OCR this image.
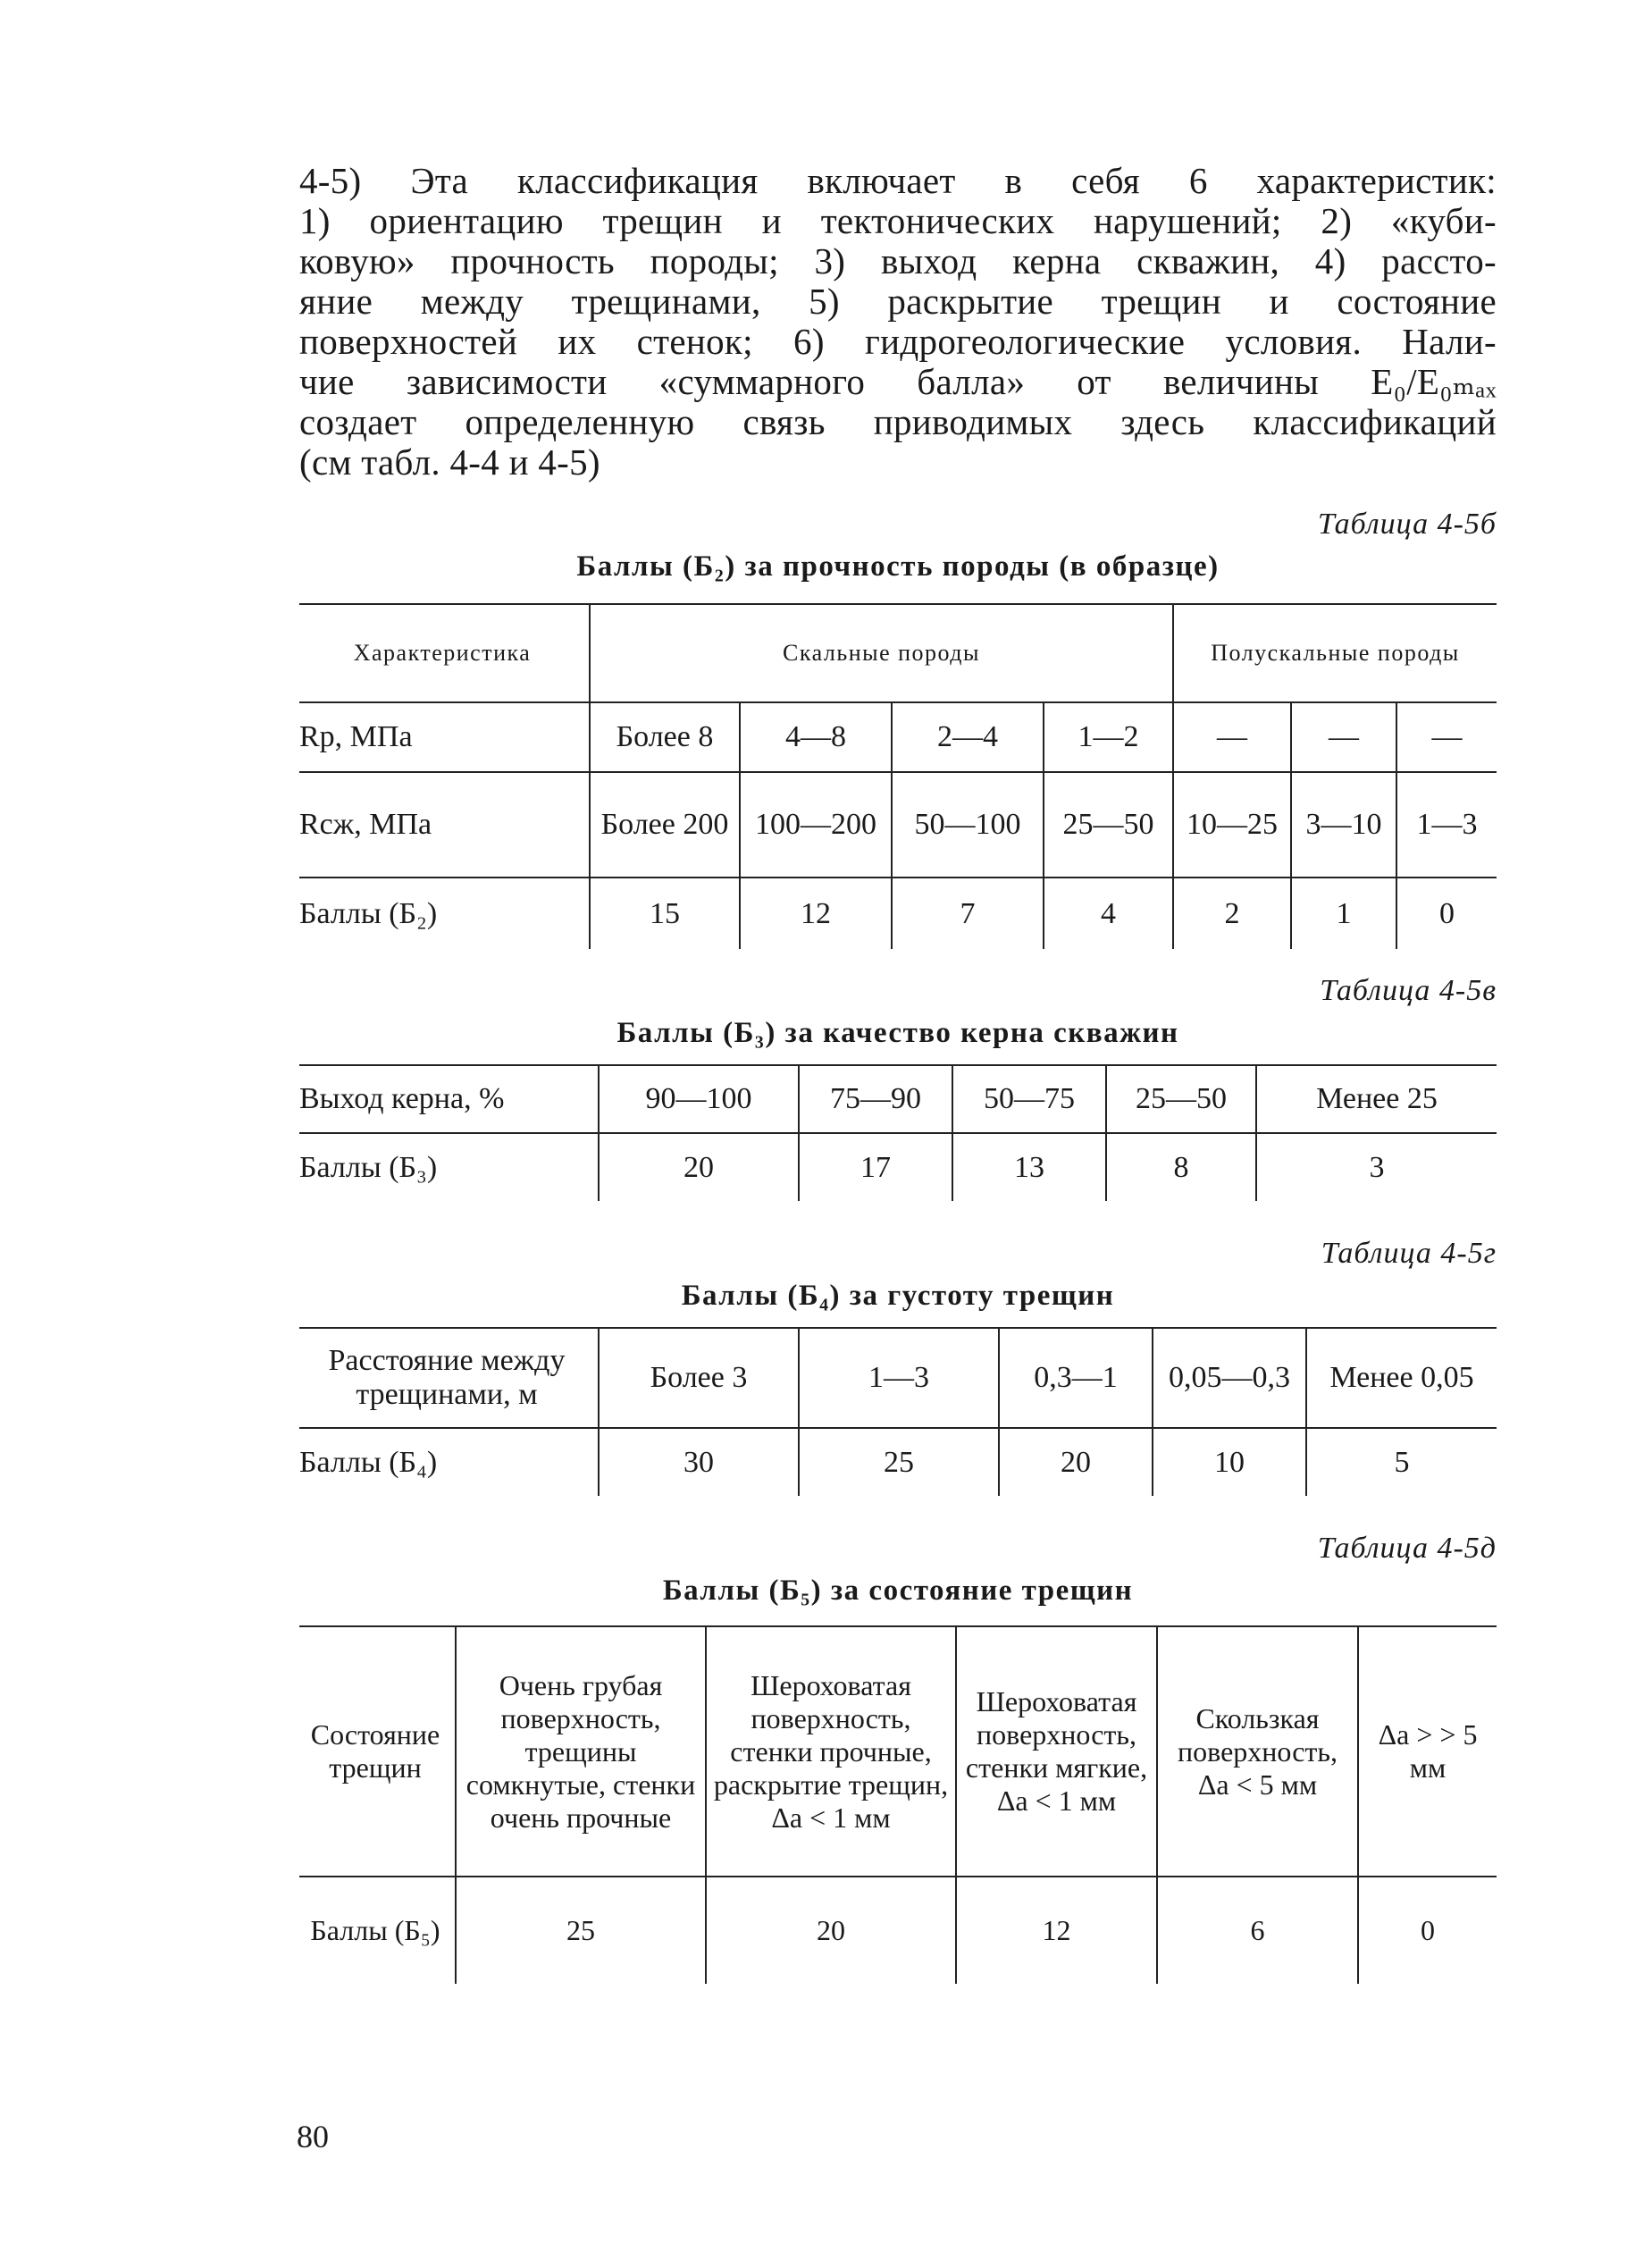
4-5) Эта классификация включает в себя 6 характеристик:
1) ориентацию трещин и тектонических нарушений; 2) «куби-
ковую» прочность породы; 3) выход керна скважин, 4) рассто-
яние между трещинами, 5) раскрытие трещин и состояние
поверхностей их стенок; 6) гидрогеологические условия. Нали-
чие зависимости «суммарного балла» от величины E₀/E₀ₘₐₓ
создает определенную связь приводимых здесь классификаций
(см табл. 4-4 и 4-5)

Таблица 4-5б

Баллы (Б₂) за прочность породы (в образце)

Характеристика	Скальные породы				Полускальные породы		
Rр, МПа	Более 8	4—8	2—4	1—2	—	—	—
Rсж, МПа	Более 200	100—200	50—100	25—50	10—25	3—10	1—3
Баллы (Б₂)	15	12	7	4	2	1	0

Таблица 4-5в

Баллы (Б₃) за качество керна скважин

Выход керна, %	90—100	75—90	50—75	25—50	Менее 25
Баллы (Б₃)	20	17	13	8	3

Таблица 4-5г

Баллы (Б₄) за густоту трещин

Расстояние между трещинами, м	Более 3	1—3	0,3—1	0,05—0,3	Менее 0,05
Баллы (Б₄)	30	25	20	10	5

Таблица 4-5д

Баллы (Б₅) за состояние трещин

Состояние трещин	Очень грубая поверхность, трещины сомкнутые, стенки очень прочные	Шероховатая поверхность, стенки прочные, раскрытие трещин, Δa < 1 мм	Шероховатая поверхность, стенки мягкие, Δa < 1 мм	Скользкая поверхность, Δa < 5 мм	Δa > > 5 мм
Баллы (Б₅)	25	20	12	6	0
80
